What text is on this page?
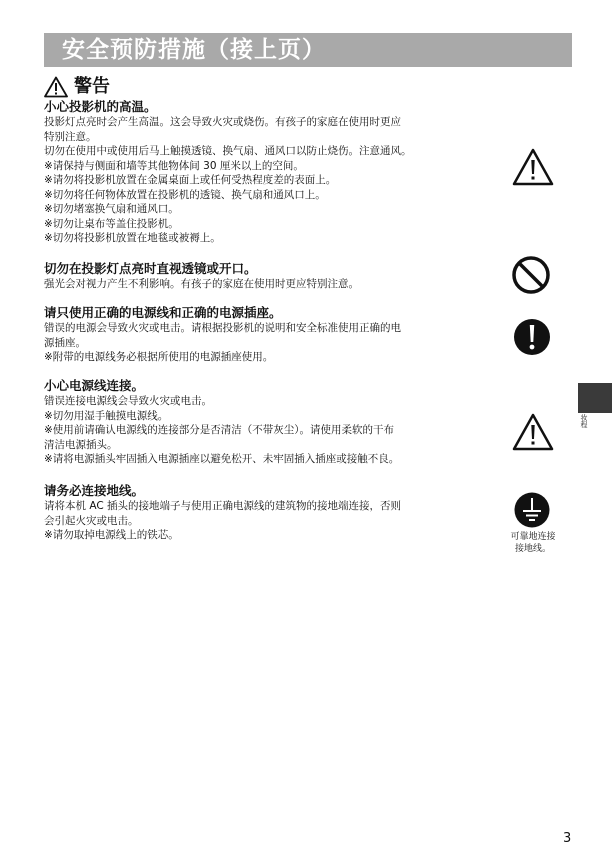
安全预防措施（接上页）
警告

小心投影机的高温。

投影灯点亮时会产生高温。这会导致火灾或烧伤。有孩子的家庭在使用时更应

特别注意。

切勿在使用中或使用后马上触摸透镜、换气扇、通风口以防止烧伤。注意通风。

※请保持与侧面和墙等其他物体间 30 厘米以上的空间。

※请勿将投影机放置在金属桌面上或任何受热程度差的表面上。

※切勿将任何物体放置在投影机的透镜、换气扇和通风口上。

※切勿堵塞换气扇和通风口。

※切勿让桌布等盖住投影机。

※切勿将投影机放置在地毯或被褥上。

切勿在投影灯点亮时直视透镜或开口。

强光会对视力产生不利影响。有孩子的家庭在使用时更应特别注意。

请只使用正确的电源线和正确的电源插座。

错误的电源会导致火灾或电击。请根据投影机的说明和安全标准使用正确的电

源插座。

※附带的电源线务必根据所使用的电源插座使用。

小心电源线连接。

错误连接电源线会导致火灾或电击。

※切勿用湿手触摸电源线。

※使用前请确认电源线的连接部分是否清洁（不带灰尘）。请使用柔软的干布

清洁电源插头。

※请将电源插头牢固插入电源插座以避免松开、未牢固插入插座或接触不良。

请务必连接地线。

请将本机 AC 插头的接地端子与使用正确电源线的建筑物的接地端连接，否则

会引起火灾或电击。

※请勿取掉电源线上的铁芯。	可靠地连接
接地线。
妆程
3
